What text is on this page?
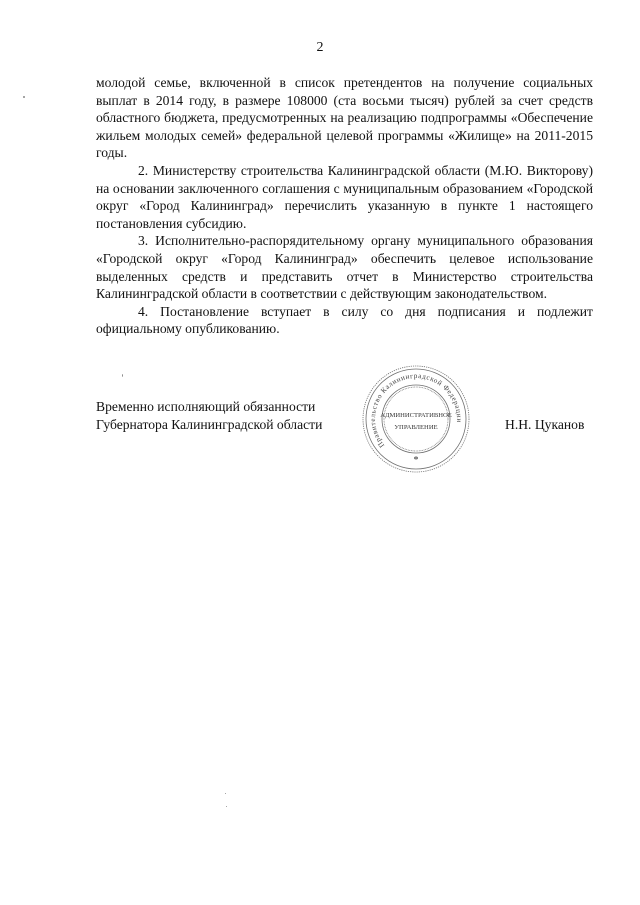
2

молодой семье, включенной в список претендентов на получение социальных выплат в 2014 году, в размере 108000 (ста восьми тысяч) рублей за счет средств областного бюджета, предусмотренных на реализацию подпрограммы «Обеспечение жильем молодых семей» федеральной целевой программы «Жилище» на 2011-2015 годы.

2. Министерству строительства Калининградской области (М.Ю. Викторову) на основании заключенного соглашения с муниципальным образованием «Городской округ «Город Калининград» перечислить указанную в пункте 1 настоящего постановления субсидию.

3. Исполнительно-распорядительному органу муниципального образования «Городской округ «Город Калининград» обеспечить целевое использование выделенных средств и представить отчет в Министерство строительства Калининградской области в соответствии с действующим законодательством.

4. Постановление вступает в силу со дня подписания и подлежит официальному опубликованию.

Временно исполняющий обязанности
Губернатора Калининградской области	Н.Н. Цуканов
Правительство Калининградской Федерации
АДМИНИСТРАТИВНОЕ
УПРАВЛЕНИЕ
*
